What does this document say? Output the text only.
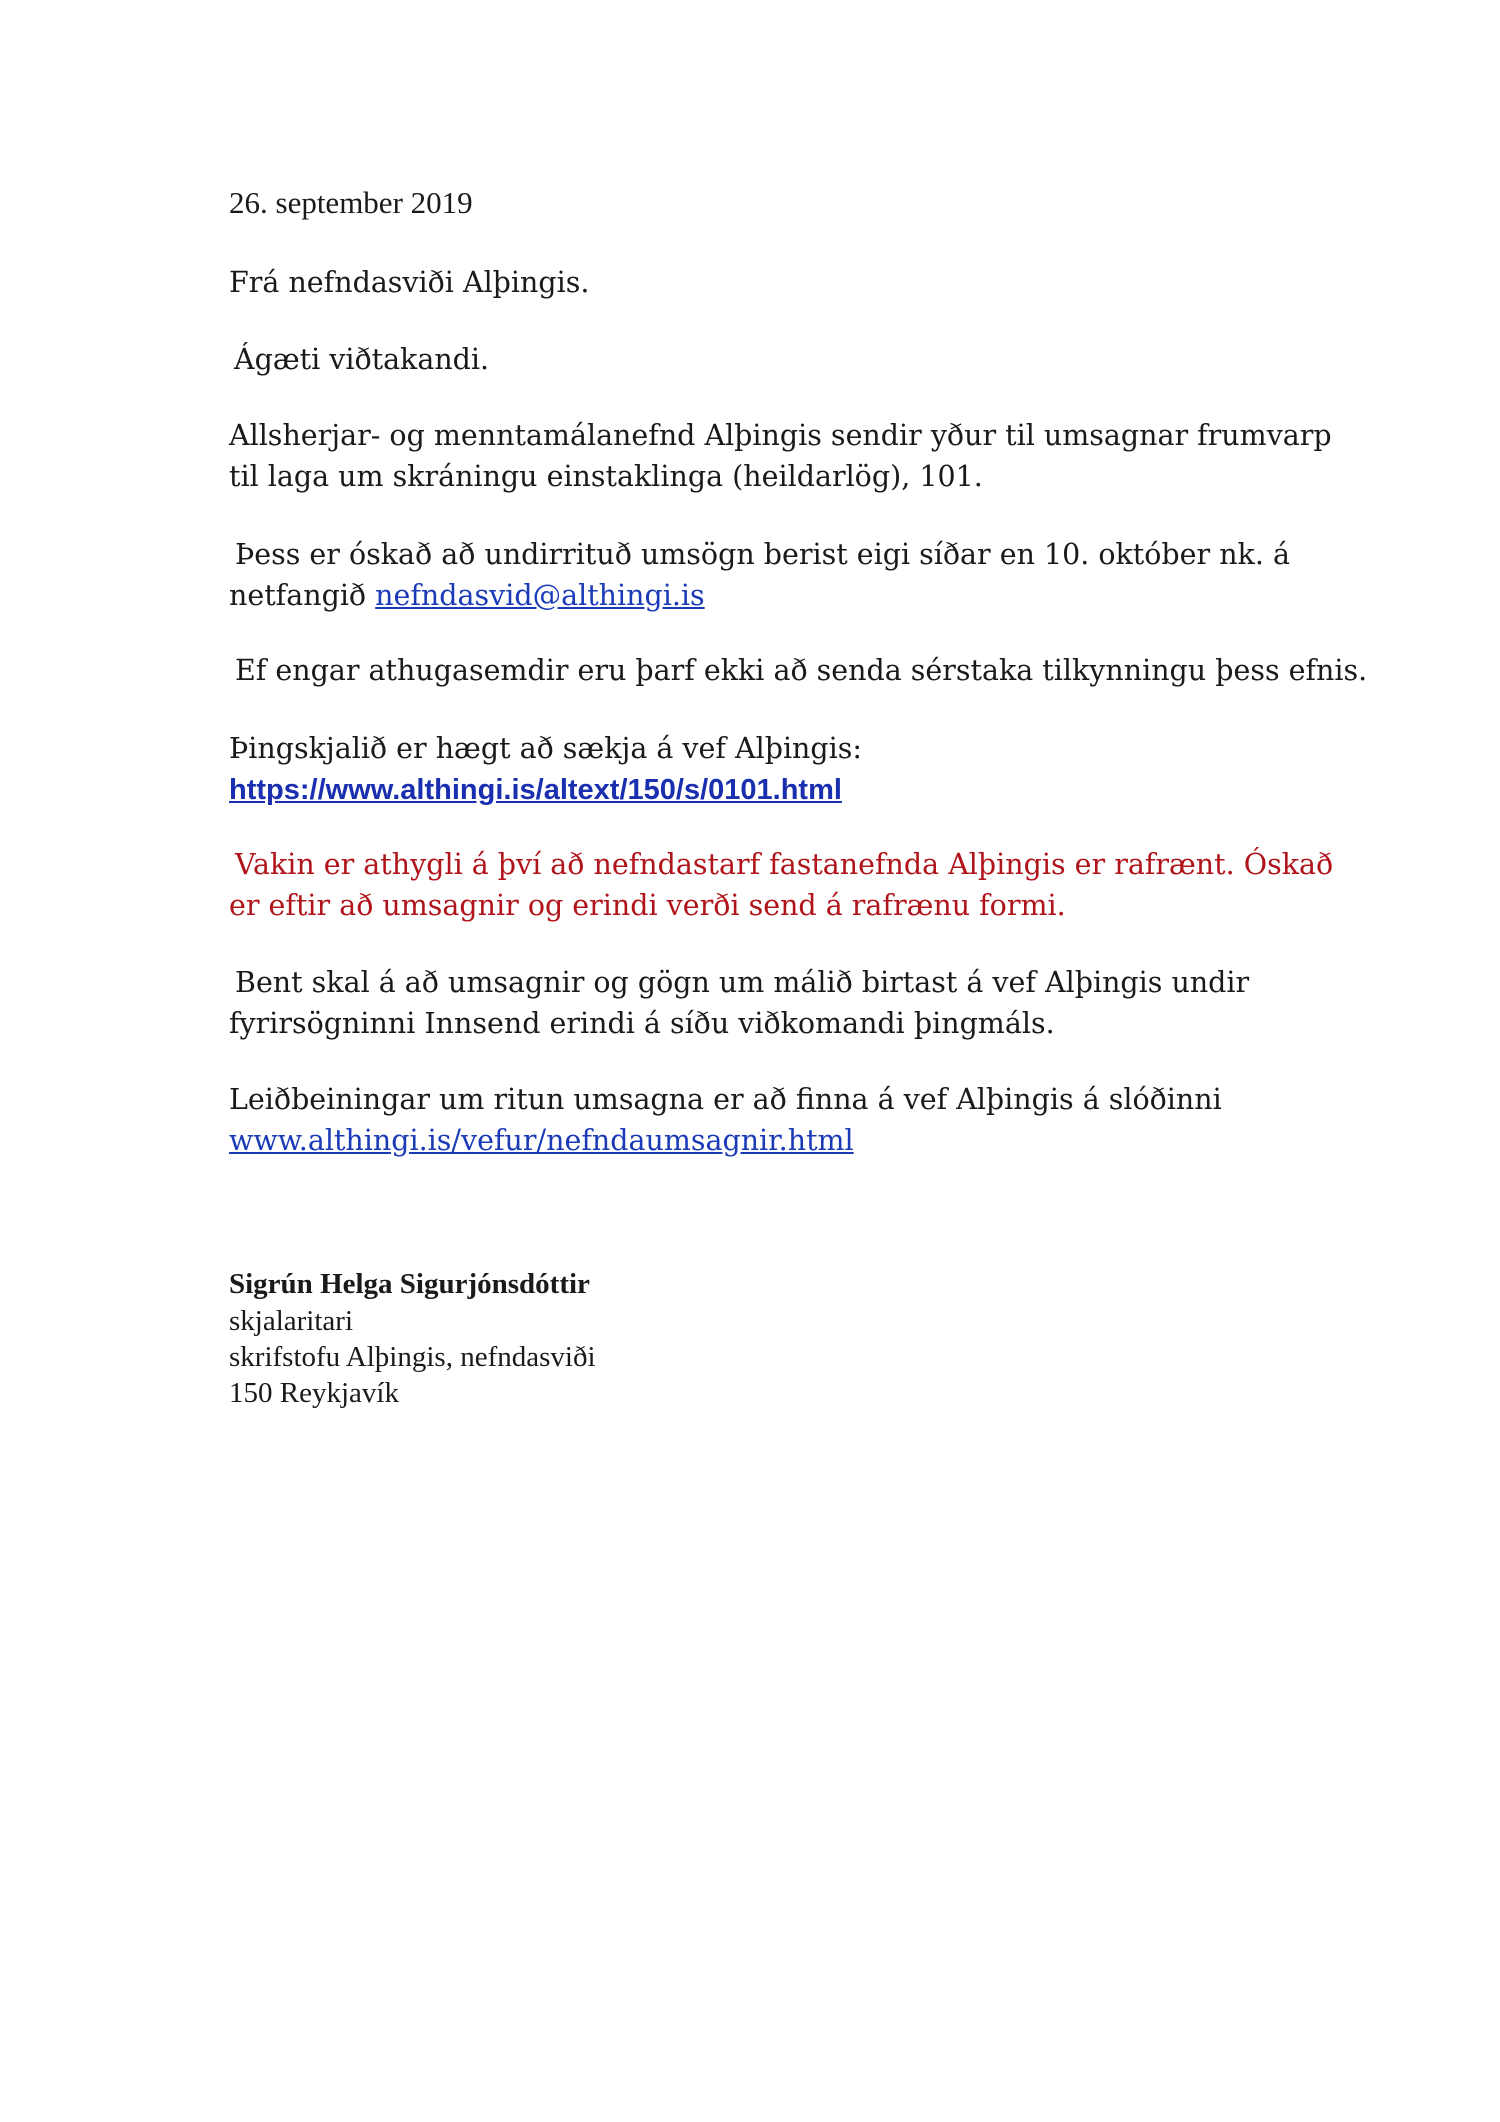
26. september 2019
Frá nefndasviði Alþingis.
Ágæti viðtakandi.
Allsherjar- og menntamálanefnd Alþingis sendir yður til umsagnar frumvarp
til laga um skráningu einstaklinga (heildarlög), 101.
Þess er óskað að undirrituð umsögn berist eigi síðar en 10. október nk. á
netfangið nefndasvid@althingi.is
Ef engar athugasemdir eru þarf ekki að senda sérstaka tilkynningu þess efnis.
Þingskjalið er hægt að sækja á vef Alþingis:
https://www.althingi.is/altext/150/s/0101.html
Vakin er athygli á því að nefndastarf fastanefnda Alþingis er rafrænt. Óskað
er eftir að umsagnir og erindi verði send á rafrænu formi.
Bent skal á að umsagnir og gögn um málið birtast á vef Alþingis undir
fyrirsögninni Innsend erindi á síðu viðkomandi þingmáls.
Leiðbeiningar um ritun umsagna er að finna á vef Alþingis á slóðinni
www.althingi.is/vefur/nefndaumsagnir.html
Sigrún Helga Sigurjónsdóttir
skjalaritari
skrifstofu Alþingis, nefndasviði
150 Reykjavík
